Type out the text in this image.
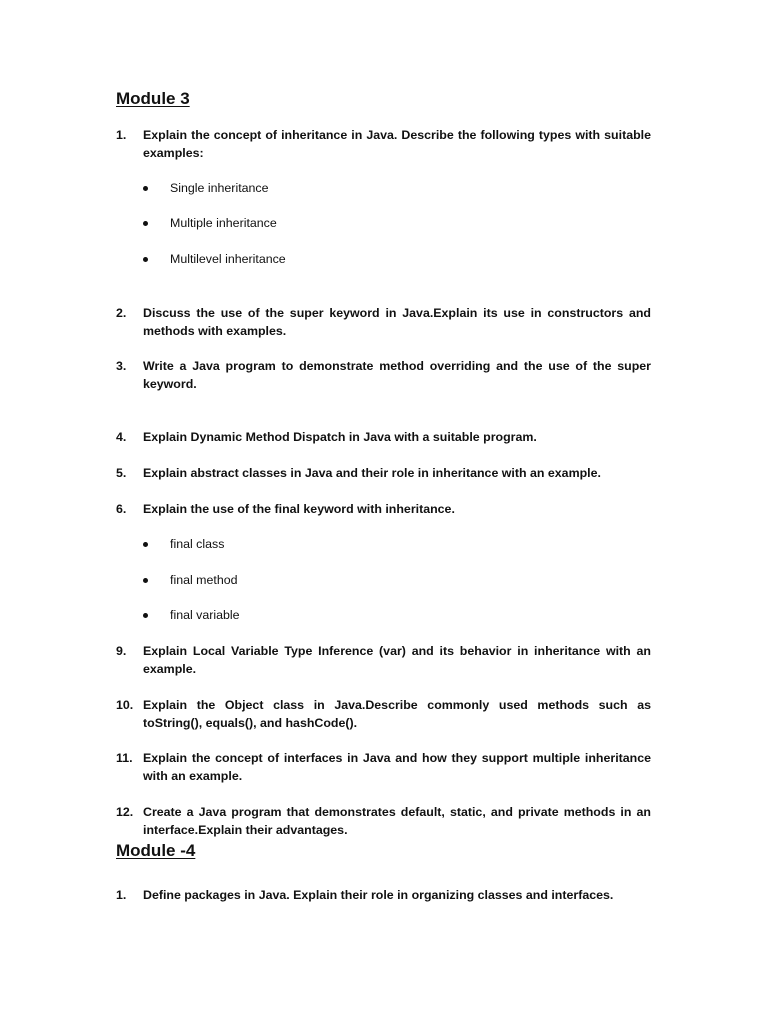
Module 3
1.	Explain the concept of inheritance in Java. Describe the following types with suitable examples:
Single inheritance
Multiple inheritance
Multilevel inheritance
2.	Discuss the use of the super keyword in Java.Explain its use in constructors and methods with examples.
3.	Write a Java program to demonstrate method overriding and the use of the super keyword.
4.	Explain Dynamic Method Dispatch in Java with a suitable program.
5.	Explain abstract classes in Java and their role in inheritance with an example.
6.	Explain the use of the final keyword with inheritance.
final class
final method
final variable
9.	Explain Local Variable Type Inference (var) and its behavior in inheritance with an example.
10. Explain the Object class in Java.Describe commonly used methods such as toString(), equals(), and hashCode().
11. Explain the concept of interfaces in Java and how they support multiple inheritance with an example.
12. Create a Java program that demonstrates default, static, and private methods in an interface.Explain their advantages.
Module -4
1.	Define packages in Java. Explain their role in organizing classes and interfaces.
